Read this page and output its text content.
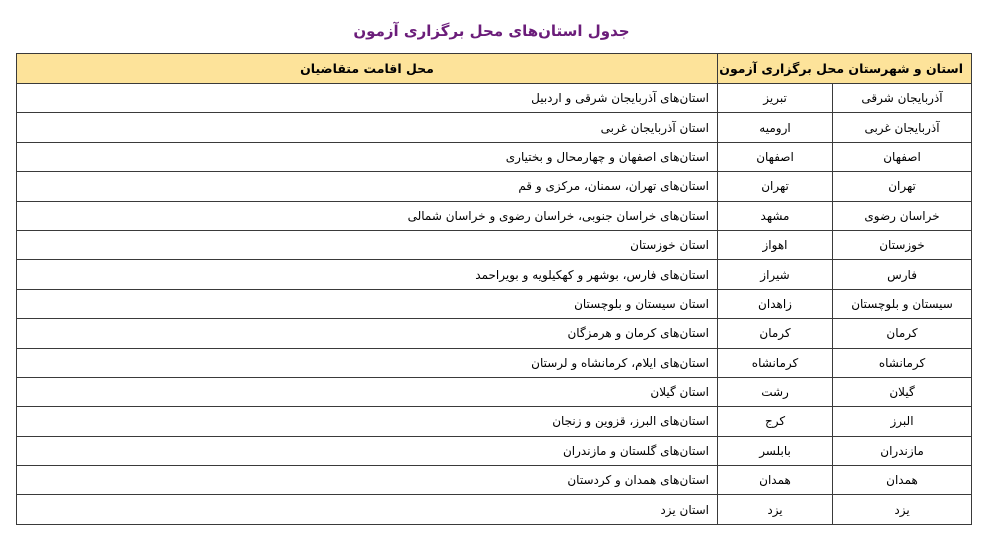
جدول استان‌های محل برگزاری آزمون
استان و شهرستان محل برگزاری آزمون		محل اقامت متقاضیان
آذربایجان شرقی	تبریز	استان‌های آذربایجان شرقی و اردبیل
آذربایجان غربی	ارومیه	استان آذربایجان غربی
اصفهان	اصفهان	استان‌های اصفهان و چهارمحال و بختیاری
تهران	تهران	استان‌های تهران، سمنان، مرکزی و قم
خراسان رضوی	مشهد	استان‌های خراسان جنوبی، خراسان رضوی و خراسان شمالی
خوزستان	اهواز	استان خوزستان
فارس	شیراز	استان‌های فارس، بوشهر و کهکیلویه و بویراحمد
سیستان و بلوچستان	زاهدان	استان سیستان و بلوچستان
کرمان	کرمان	استان‌های کرمان و هرمزگان
کرمانشاه	کرمانشاه	استان‌های ایلام، کرمانشاه و لرستان
گیلان	رشت	استان گیلان
البرز	کرج	استان‌های البرز، قزوین و زنجان
مازندران	بابلسر	استان‌های گلستان و مازندران
همدان	همدان	استان‌های همدان و کردستان
یزد	یزد	استان یزد
